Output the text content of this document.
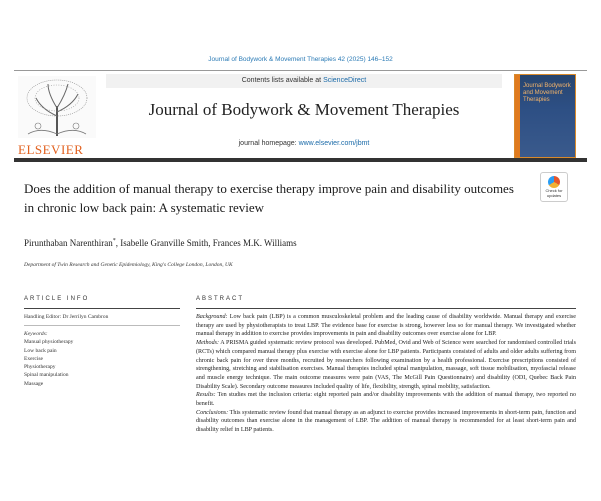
Journal of Bodywork & Movement Therapies 42 (2025) 146–152
ELSEVIER
Contents lists available at ScienceDirect
Journal of Bodywork & Movement Therapies
journal homepage: www.elsevier.com/jbmt
Journal Bodywork and Movement Therapies
Does the addition of manual therapy to exercise therapy improve pain and disability outcomes in chronic low back pain: A systematic review
Check for updates
Pirunthaban Narenthiran*, Isabelle Granville Smith, Frances M.K. Williams
Department of Twin Research and Genetic Epidemiology, King's College London, London, UK
ARTICLE INFO	ABSTRACT
Handling Editor: Dr Jerrilyn Cambron
Keywords:
Manual physiotherapy
Low back pain
Exercise
Physiotherapy
Spinal manipulation
Massage

Background: Low back pain (LBP) is a common musculoskeletal problem and the leading cause of disability worldwide. Manual therapy and exercise therapy are used by physiotherapists to treat LBP. The evidence base for exercise is strong, however less so for manual therapy. We investigated whether manual therapy in addition to exercise provides improvements in pain and disability outcomes over exercise alone for LBP.

Methods: A PRISMA guided systematic review protocol was developed. PubMed, Ovid and Web of Science were searched for randomised controlled trials (RCTs) which compared manual therapy plus exercise with exercise alone for LBP patients. Participants consisted of adults and older adults suffering from chronic back pain for over three months, recruited by researchers following examination by a health professional. Exercise prescriptions consisted of strengthening, stretching and stabilisation exercises. Manual therapies included spinal manipulation, massage, soft tissue mobilisation, myofascial release and muscle energy technique. The main outcome measures were pain (VAS, The McGill Pain Questionnaire) and disability (ODI, Quebec Back Pain Disability Scale). Secondary outcome measures included quality of life, flexibility, strength, spinal mobility, satisfaction.

Results: Ten studies met the inclusion criteria: eight reported pain and/or disability improvements with the addition of manual therapy, two reported no benefit.

Conclusions: This systematic review found that manual therapy as an adjunct to exercise provides increased improvements in short-term pain, function and disability outcomes than exercise alone in the management of LBP. The addition of manual therapy is recommended for at least short-term pain and disability relief in LBP patients.
